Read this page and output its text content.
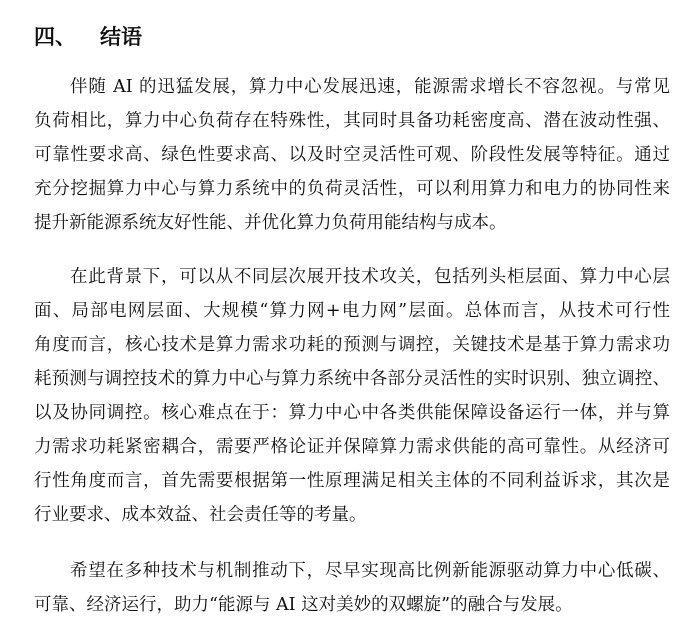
四、	结语
伴随 AI 的迅猛发展，算力中心发展迅速，能源需求增长不容忽视。与常见
负荷相比，算力中心负荷存在特殊性，其同时具备功耗密度高、潜在波动性强、
可靠性要求高、绿色性要求高、以及时空灵活性可观、阶段性发展等特征。通过
充分挖掘算力中心与算力系统中的负荷灵活性，可以利用算力和电力的协同性来
提升新能源系统友好性能、并优化算力负荷用能结构与成本。
在此背景下，可以从不同层次展开技术攻关，包括列头柜层面、算力中心层
面、局部电网层面、大规模“算力网+电力网”层面。总体而言，从技术可行性
角度而言，核心技术是算力需求功耗的预测与调控，关键技术是基于算力需求功
耗预测与调控技术的算力中心与算力系统中各部分灵活性的实时识别、独立调控、
以及协同调控。核心难点在于：算力中心中各类供能保障设备运行一体，并与算
力需求功耗紧密耦合，需要严格论证并保障算力需求供能的高可靠性。从经济可
行性角度而言，首先需要根据第一性原理满足相关主体的不同利益诉求，其次是
行业要求、成本效益、社会责任等的考量。
希望在多种技术与机制推动下，尽早实现高比例新能源驱动算力中心低碳、
可靠、经济运行，助力“能源与 AI 这对美妙的双螺旋”的融合与发展。
